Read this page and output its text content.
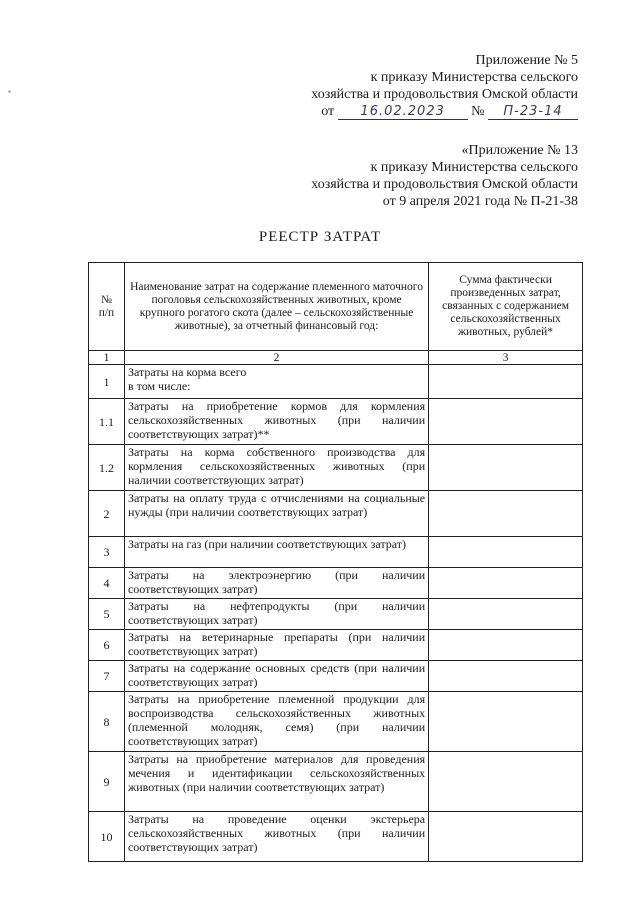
Приложение № 5
к приказу Министерства сельского
хозяйства и продовольствия Омской области
от 16.02.2023 № П-23-14
«Приложение № 13
к приказу Министерства сельского
хозяйства и продовольствия Омской области
от 9 апреля 2021 года № П-21-38
РЕЕСТР ЗАТРАТ
№
п/п	Наименование затрат на содержание племенного маточного поголовья сельскохозяйственных животных, кроме крупного рогатого скота (далее – сельскохозяйственные животные), за отчетный финансовый год:	Сумма фактически произведенных затрат, связанных с содержанием сельскохозяйственных животных, рублей*
1	2	3
1	Затраты на корма всего
в том числе:	
1.1	Затраты на приобретение кормов для кормления сельскохозяйственных животных (при наличии соответствующих затрат)**	
1.2	Затраты на корма собственного производства для кормления сельскохозяйственных животных (при наличии соответствующих затрат)	
2	Затраты на оплату труда с отчислениями на социальные нужды (при наличии соответствующих затрат)	
3	Затраты на газ (при наличии соответствующих затрат)	
4	Затраты на электроэнергию (при наличии соответствующих затрат)	
5	Затраты на нефтепродукты (при наличии соответствующих затрат)	
6	Затраты на ветеринарные препараты (при наличии соответствующих затрат)	
7	Затраты на содержание основных средств (при наличии соответствующих затрат)	
8	Затраты на приобретение племенной продукции для воспроизводства сельскохозяйственных животных (племенной молодняк, семя) (при наличии соответствующих затрат)	
9	Затраты на приобретение материалов для проведения мечения и идентификации сельскохозяйственных животных (при наличии соответствующих затрат)	
10	Затраты на проведение оценки экстерьера сельскохозяйственных животных (при наличии соответствующих затрат)	
